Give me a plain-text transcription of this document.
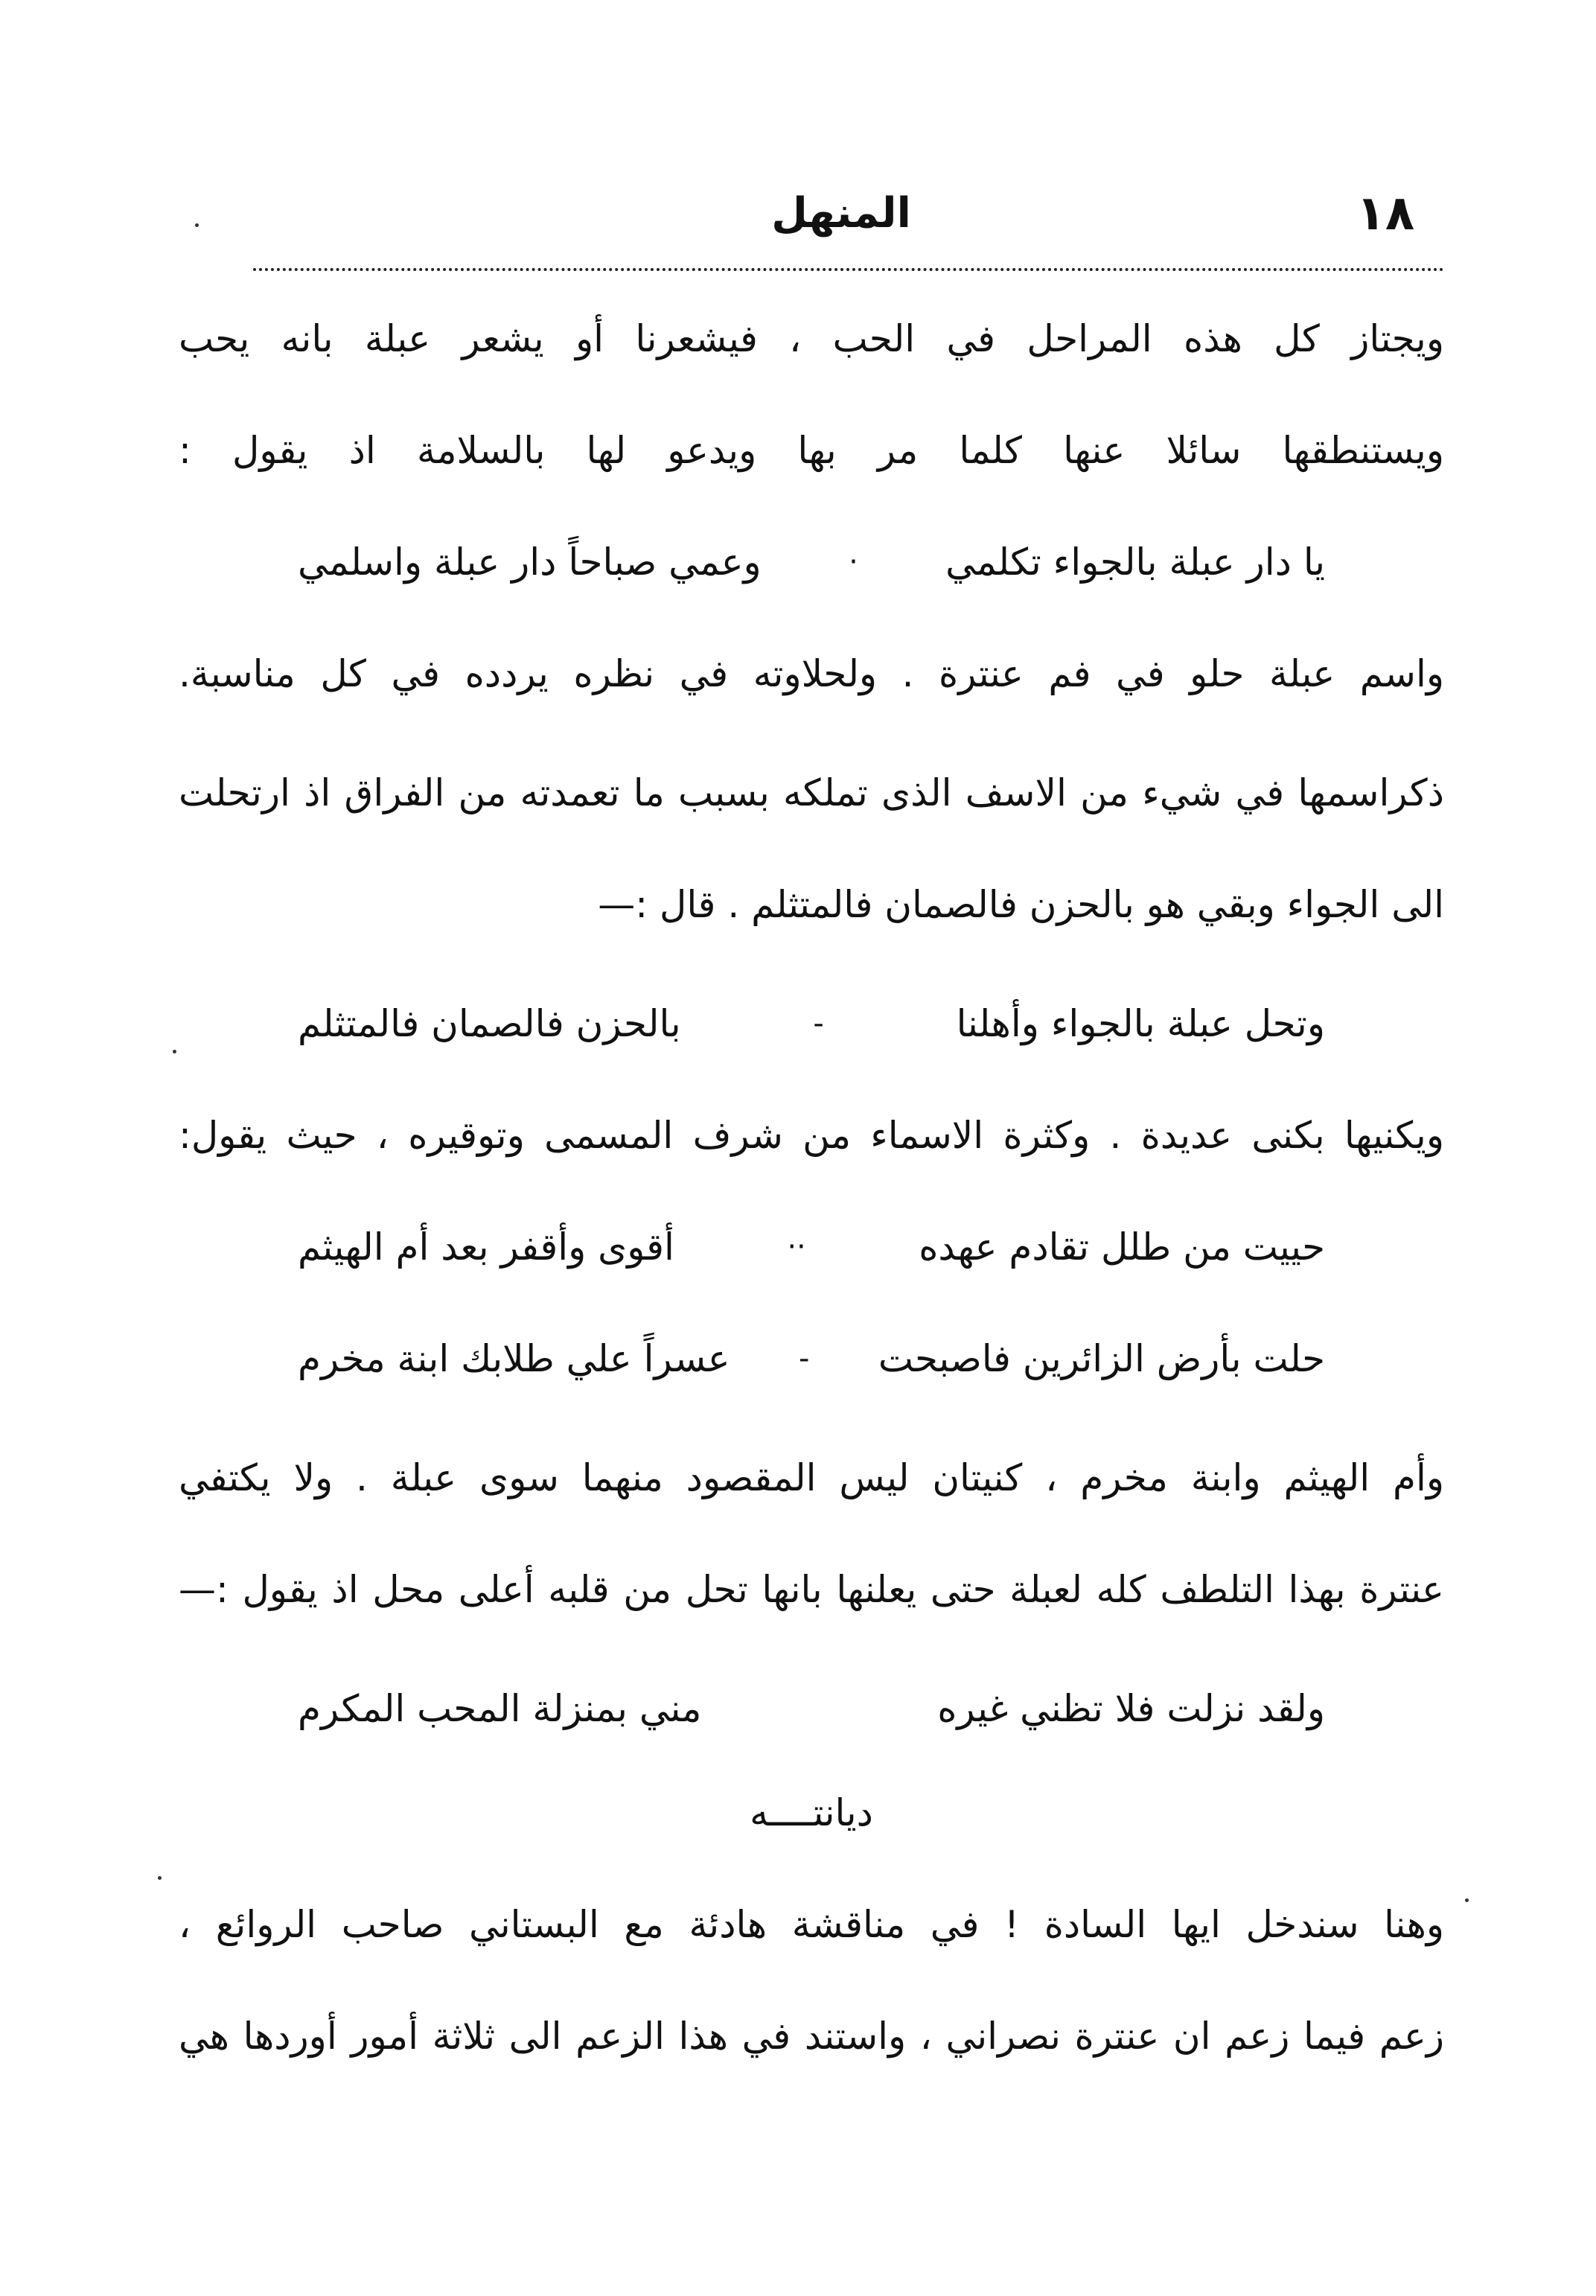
١٨
المنهل
ويجتاز كل هذه المراحل في الحب ، فيشعرنا أو يشعر عبلة بانه يحب
ويستنطقها سائلا عنها كلما مر بها ويدعو لها بالسلامة اذ يقول :
يا دار عبلة بالجواء تكلمي
·
وعمي صباحاً دار عبلة واسلمي
واسم عبلة حلو في فم عنترة . ولحلاوته في نظره يردده في كل مناسبة.
ذكراسمها في شيء من الاسف الذى تملكه بسبب ما تعمدته من الفراق اذ ارتحلت
الى الجواء وبقي هو بالحزن فالصمان فالمتثلم . قال :—
وتحل عبلة بالجواء وأهلنا
-
بالحزن فالصمان فالمتثلم
ويكنيها بكنى عديدة . وكثرة الاسماء من شرف المسمى وتوقيره ، حيث يقول:
حييت من طلل تقادم عهده
··
أقوى وأقفر بعد أم الهيثم
حلت بأرض الزائرين فاصبحت
-
عسراً علي طلابك ابنة مخرم
وأم الهيثم وابنة مخرم ، كنيتان ليس المقصود منهما سوى عبلة . ولا يكتفي
عنترة بهذا التلطف كله لعبلة حتى يعلنها بانها تحل من قلبه أعلى محل اذ يقول :—
ولقد نزلت فلا تظني غيره
مني بمنزلة المحب المكرم
ديانتــــه
وهنا سندخل ايها السادة ! في مناقشة هادئة مع البستاني صاحب الروائع ،
زعم فيما زعم ان عنترة نصراني ، واستند في هذا الزعم الى ثلاثة أمور أوردها هي
